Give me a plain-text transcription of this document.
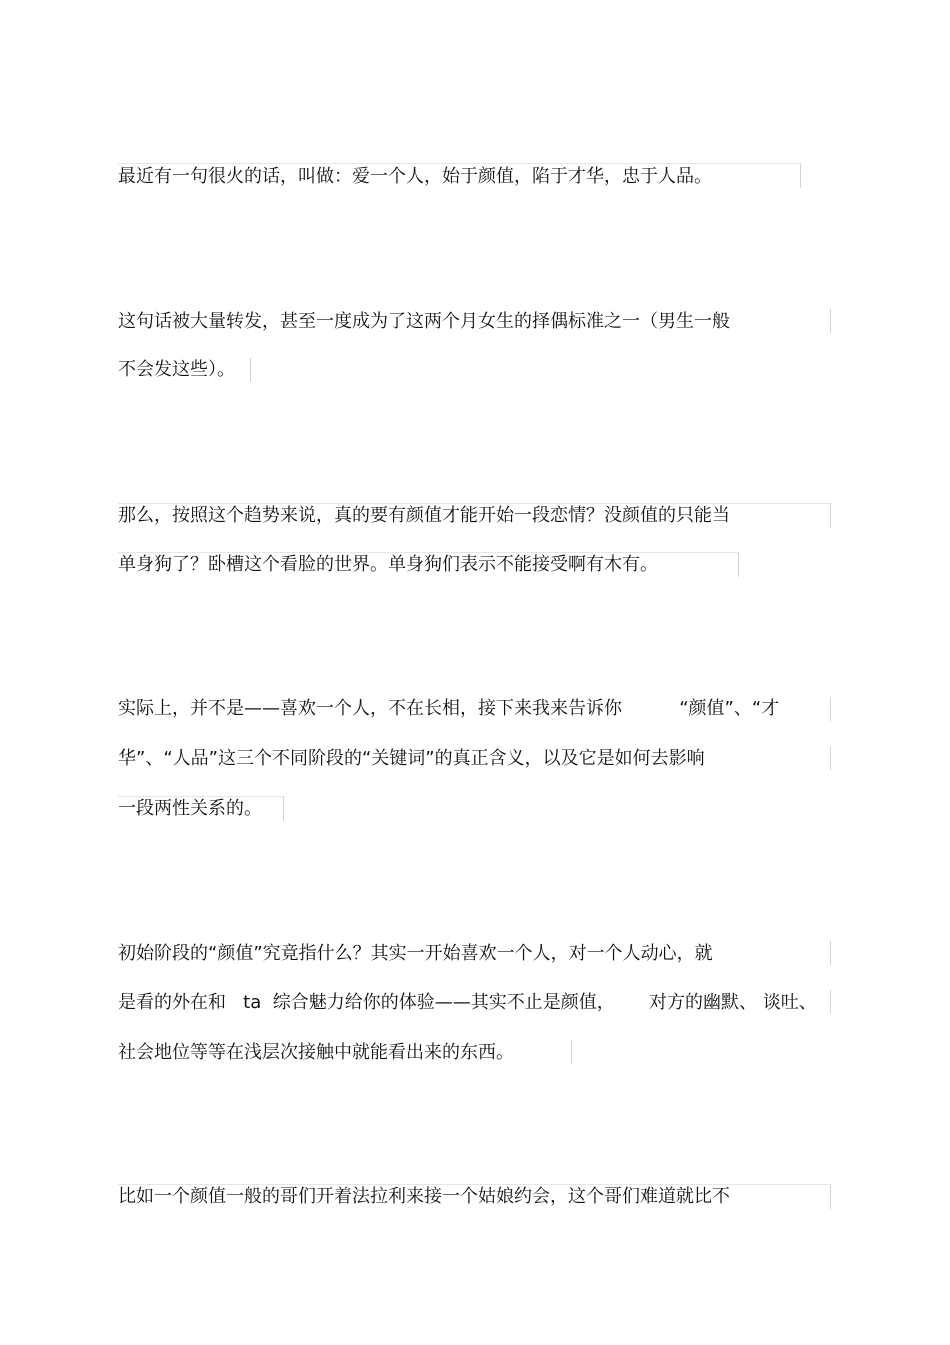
最近有一句很火的话，叫做：爱一个人，始于颜值，陷于才华，忠于人品。
这句话被大量转发，甚至一度成为了这两个月女生的择偶标准之一（男生一般
不会发这些）。
那么，按照这个趋势来说，真的要有颜值才能开始一段恋情？没颜值的只能当
单身狗了？卧槽这个看脸的世界。单身狗们表示不能接受啊有木有。
实际上，并不是——喜欢一个人，不在长相，接下来我来告诉你          “颜值”、“才
华”、“人品”这三个不同阶段的“关键词”的真正含义，以及它是如何去影响
一段两性关系的。
初始阶段的“颜值”究竟指什么？其实一开始喜欢一个人，对一个人动心，就
是看的外在和   ta  综合魅力给你的体验——其实不止是颜值，      对方的幽默、 谈吐、
社会地位等等在浅层次接触中就能看出来的东西。
比如一个颜值一般的哥们开着法拉利来接一个姑娘约会，这个哥们难道就比不
